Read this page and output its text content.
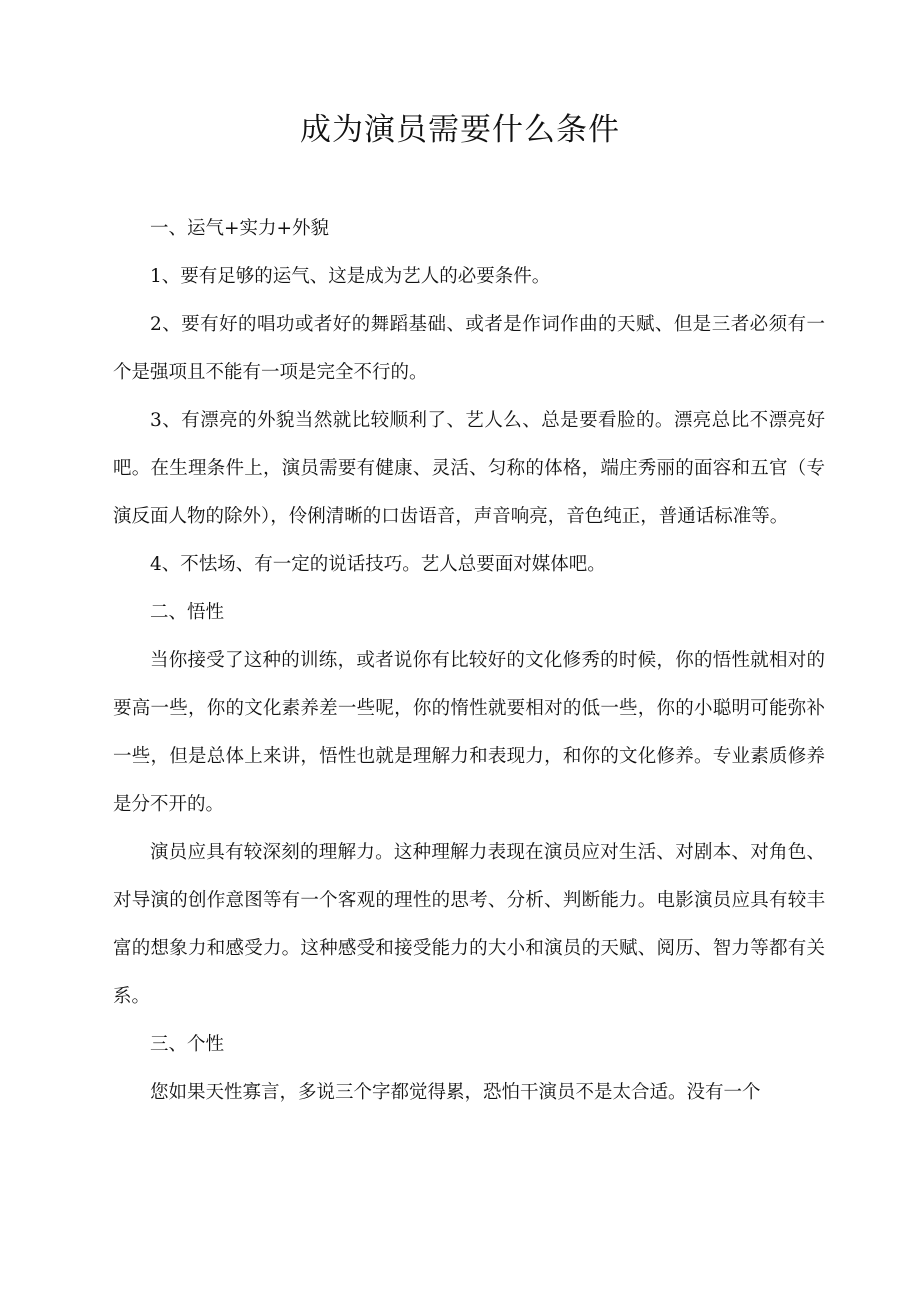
成为演员需要什么条件

一、运气+实力+外貌

1、要有足够的运气、这是成为艺人的必要条件。

2、要有好的唱功或者好的舞蹈基础、或者是作词作曲的天赋、但是三者必须有一个是强项且不能有一项是完全不行的。

3、有漂亮的外貌当然就比较顺利了、艺人么、总是要看脸的。漂亮总比不漂亮好吧。在生理条件上，演员需要有健康、灵活、匀称的体格，端庄秀丽的面容和五官（专演反面人物的除外），伶俐清晰的口齿语音，声音响亮，音色纯正，普通话标准等。

4、不怯场、有一定的说话技巧。艺人总要面对媒体吧。

二、悟性

当你接受了这种的训练，或者说你有比较好的文化修秀的时候，你的悟性就相对的要高一些，你的文化素养差一些呢，你的惰性就要相对的低一些，你的小聪明可能弥补一些，但是总体上来讲，悟性也就是理解力和表现力，和你的文化修养。专业素质修养是分不开的。

演员应具有较深刻的理解力。这种理解力表现在演员应对生活、对剧本、对角色、对导演的创作意图等有一个客观的理性的思考、分析、判断能力。电影演员应具有较丰富的想象力和感受力。这种感受和接受能力的大小和演员的天赋、阅历、智力等都有关系。

三、个性

您如果天性寡言，多说三个字都觉得累，恐怕干演员不是太合适。没有一个
